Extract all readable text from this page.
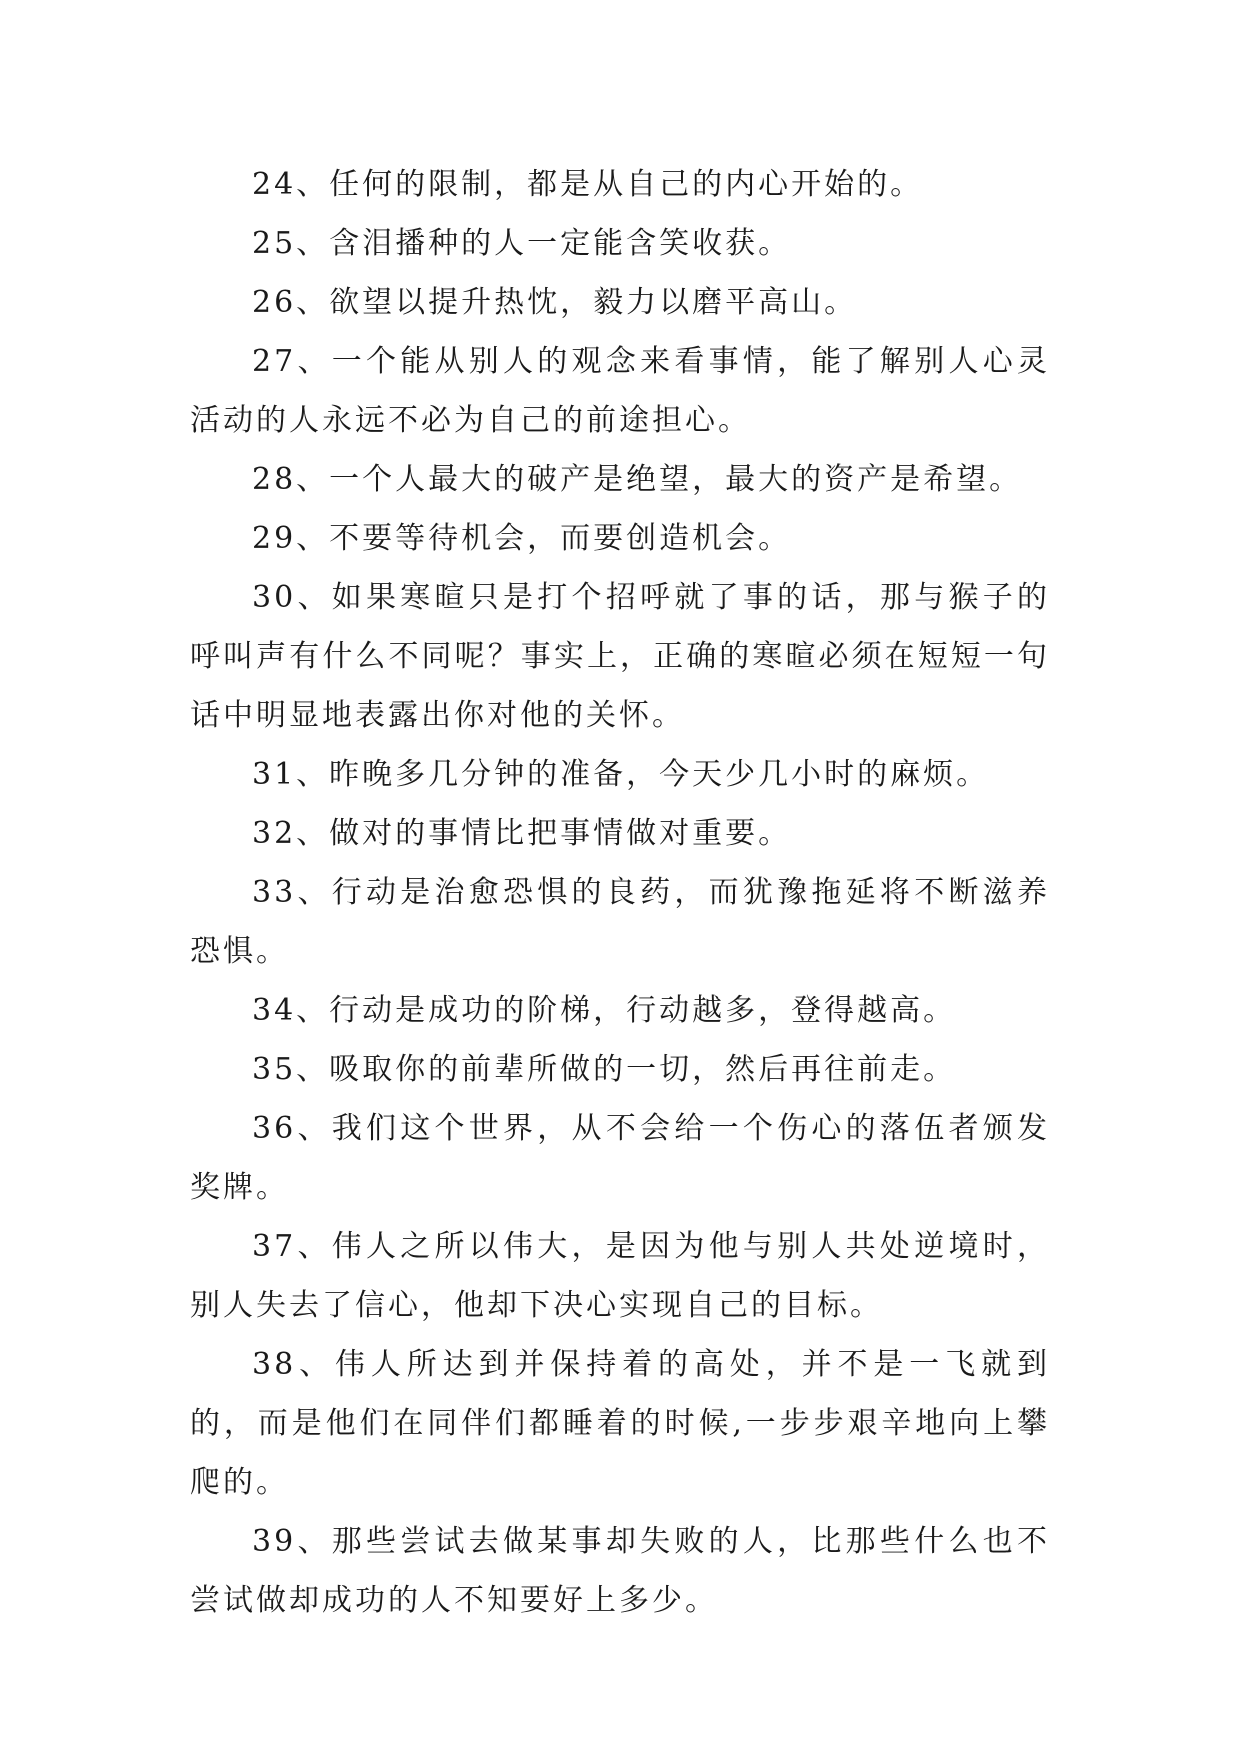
24、任何的限制，都是从自己的内心开始的。

25、含泪播种的人一定能含笑收获。

26、欲望以提升热忱，毅力以磨平高山。

27、一个能从别人的观念来看事情，能了解别人心灵活动的人永远不必为自己的前途担心。

28、一个人最大的破产是绝望，最大的资产是希望。

29、不要等待机会，而要创造机会。

30、如果寒暄只是打个招呼就了事的话，那与猴子的呼叫声有什么不同呢？事实上，正确的寒暄必须在短短一句话中明显地表露出你对他的关怀。

31、昨晚多几分钟的准备，今天少几小时的麻烦。

32、做对的事情比把事情做对重要。

33、行动是治愈恐惧的良药，而犹豫拖延将不断滋养恐惧。

34、行动是成功的阶梯，行动越多，登得越高。

35、吸取你的前辈所做的一切，然后再往前走。

36、我们这个世界，从不会给一个伤心的落伍者颁发奖牌。

37、伟人之所以伟大，是因为他与别人共处逆境时，别人失去了信心，他却下决心实现自己的目标。

38、伟人所达到并保持着的高处，并不是一飞就到的，而是他们在同伴们都睡着的时候,一步步艰辛地向上攀爬的。

39、那些尝试去做某事却失败的人，比那些什么也不尝试做却成功的人不知要好上多少。
